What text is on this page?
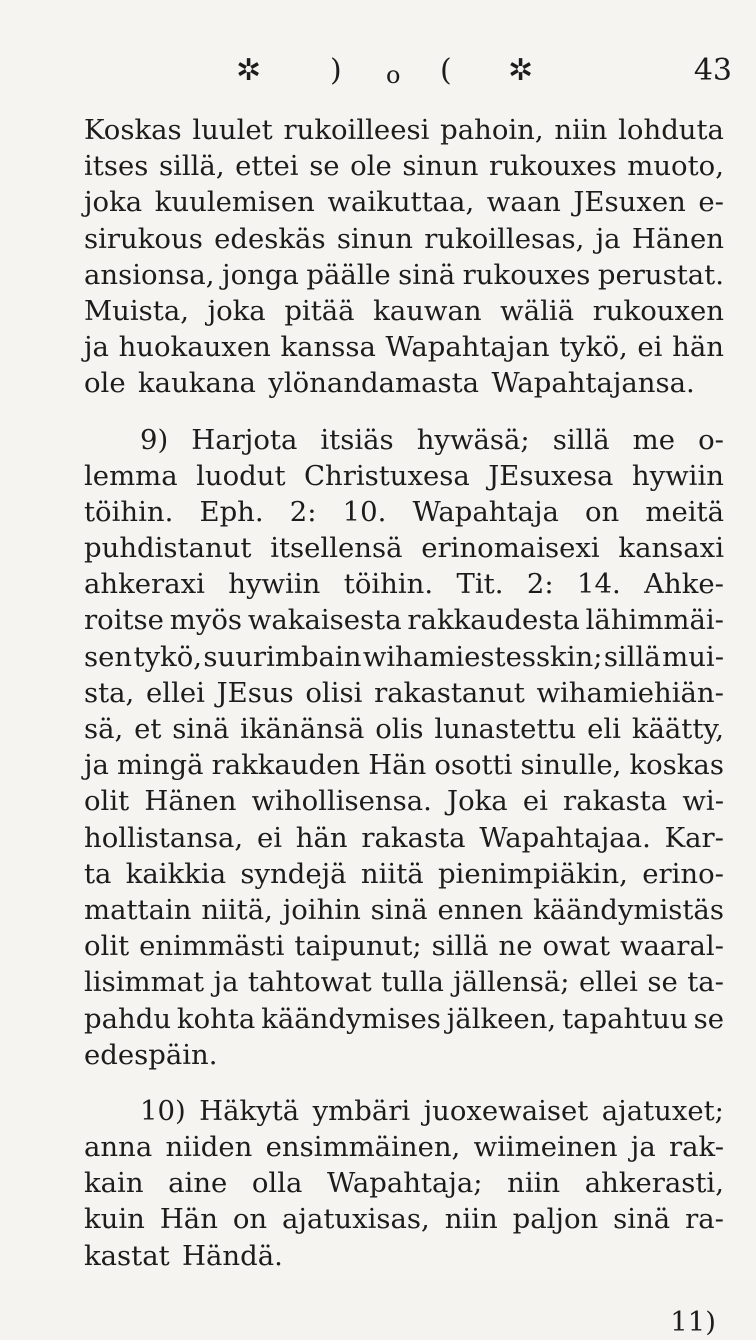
✲ ) o ( ✲	43
Koskas luulet rukoilleesi pahoin, niin lohduta
itses sillä, ettei se ole sinun rukouxes muoto,
joka kuulemisen waikuttaa, waan JEsuxen e-
sirukous edeskäs sinun rukoillesas, ja Hänen
ansionsa, jonga päälle sinä rukouxes perustat.
Muista, joka pitää kauwan wäliä rukouxen
ja huokauxen kanssa Wapahtajan tykö, ei hän
ole kaukana ylönandamasta Wapahtajansa.
9) Harjota itsiäs hywäsä; sillä me o-
lemma luodut Christuxesa JEsuxesa hywiin
töihin. Eph. 2: 10. Wapahtaja on meitä
puhdistanut itsellensä erinomaisexi kansaxi
ahkeraxi hywiin töihin. Tit. 2: 14. Ahke-
roitse myös wakaisesta rakkaudesta lähimmäi-
sen tykö, suurimbain wihamiestesskin; sillä mui-
sta, ellei JEsus olisi rakastanut wihamiehiän-
sä, et sinä ikänänsä olis lunastettu eli käätty,
ja mingä rakkauden Hän osotti sinulle, koskas
olit Hänen wihollisensa. Joka ei rakasta wi-
hollistansa, ei hän rakasta Wapahtajaa. Kar-
ta kaikkia syndejä niitä pienimpiäkin, erino-
mattain niitä, joihin sinä ennen käändymistäs
olit enimmästi taipunut; sillä ne owat waaral-
lisimmat ja tahtowat tulla jällensä; ellei se ta-
pahdu kohta käändymises jälkeen, tapahtuu se
edespäin.
10) Häkytä ymbäri juoxewaiset ajatuxet;
anna niiden ensimmäinen, wiimeinen ja rak-
kain aine olla Wapahtaja; niin ahkerasti,
kuin Hän on ajatuxisas, niin paljon sinä ra-
kastat Händä.
11)
